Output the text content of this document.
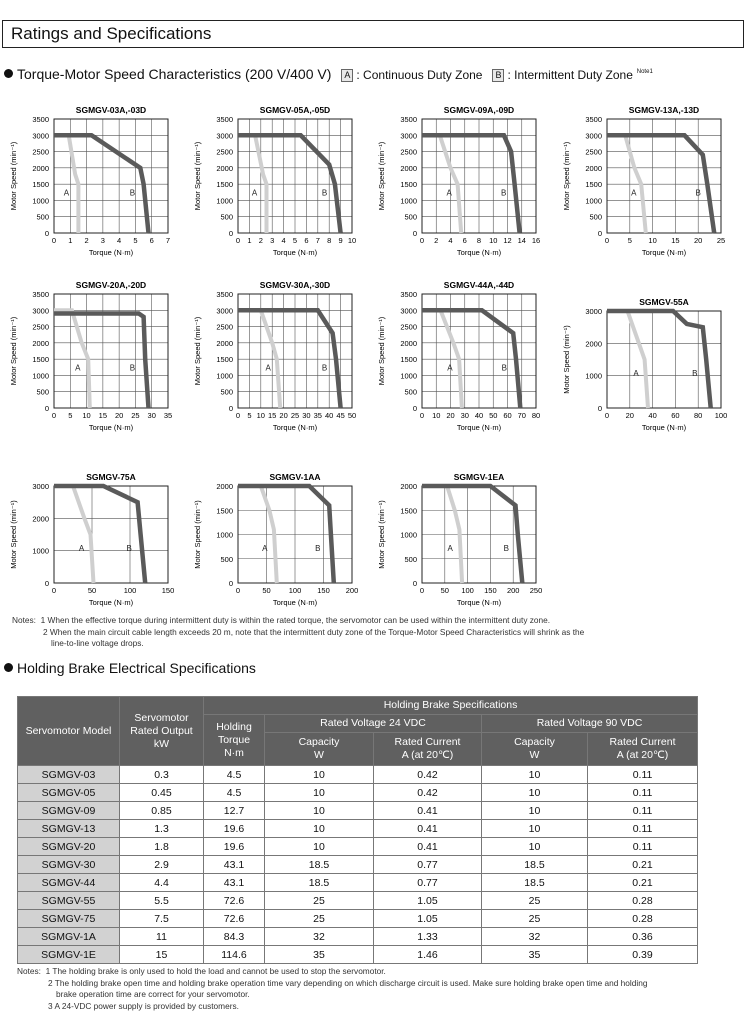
Ratings and Specifications
Torque-Motor Speed Characteristics (200 V/400 V) A : Continuous Duty Zone B : Intermittent Duty Zone $^{Note1}$
A	B
0 1 2 3 4 5 6 7
0
500
1000
1500
2000
2500
3000
3500
SGMGV-03A,-03D
Torque (N·m)
Motor Speed (min⁻¹)	A	B
0 1 2 3 4 5 6 7 8 9 10
0
500
1000
1500
2000
2500
3000
3500
SGMGV-05A,-05D
Torque (N·m)
Motor Speed (min⁻¹)	A	B
0 2 4 6 8 10 12 14 16
0
500
1000
1500
2000
2500
3000
3500
SGMGV-09A,-09D
Torque (N·m)
Motor Speed (min⁻¹)	A	B
0 5 10 15 20 25
0
500
1000
1500
2000
2500
3000
3500
SGMGV-13A,-13D
Torque (N·m)
Motor Speed (min⁻¹)
A	B
0 5 10 15 20 25 30 35
0
500
1000
1500
2000
2500
3000
3500
SGMGV-20A,-20D
Torque (N·m)
Motor Speed (min⁻¹)	A	B
0 5 10 15 20 25 30 35 40 45 50
0
500
1000
1500
2000
2500
3000
3500
SGMGV-30A,-30D
Torque (N·m)
Motor Speed (min⁻¹)	A	B
0 10 20 30 40 50 60 70 80
0
500
1000
1500
2000
2500
3000
3500
SGMGV-44A,-44D
Torque (N·m)
Motor Speed (min⁻¹)	A	B
0 20 40 60 80 100
0
1000
2000
3000
SGMGV-55A
Torque (N·m)
Motor Speed (min⁻¹)
A	B
0	50	100	150
0
1000
2000
3000
SGMGV-75A
Torque (N·m)
Motor Speed (min⁻¹)	A	B
0	50 100 150 200
0
500
1000
1500
2000
SGMGV-1AA
Torque (N·m)
Motor Speed (min⁻¹)	A	B
0 50 100 150 200 250
0
500
1000
1500
2000
SGMGV-1EA
Torque (N·m)
Motor Speed (min⁻¹)
Notes: 1 When the effective torque during intermittent duty is within the rated torque, the servomotor can be used within the intermittent duty zone.
2 When the main circuit cable length exceeds 20 m, note that the intermittent duty zone of the Torque-Motor Speed Characteristics will shrink as the
line-to-line voltage drops.
Holding Brake Electrical Specifications
Servomotor Model	Servomotor
Rated Output
kW	Holding Brake Specifications				
		Holding
Torque
N·m	Rated Voltage 24 VDC		Rated Voltage 90 VDC	
			Capacity
W	Rated Current
A (at 20℃)	Capacity
W	Rated Current
A (at 20℃)
SGMGV-03	0.3	4.5	10	0.42	10	0.11
SGMGV-05	0.45	4.5	10	0.42	10	0.11
SGMGV-09	0.85	12.7	10	0.41	10	0.11
SGMGV-13	1.3	19.6	10	0.41	10	0.11
SGMGV-20	1.8	19.6	10	0.41	10	0.11
SGMGV-30	2.9	43.1	18.5	0.77	18.5	0.21
SGMGV-44	4.4	43.1	18.5	0.77	18.5	0.21
SGMGV-55	5.5	72.6	25	1.05	25	0.28
SGMGV-75	7.5	72.6	25	1.05	25	0.28
SGMGV-1A	11	84.3	32	1.33	32	0.36
SGMGV-1E	15	114.6	35	1.46	35	0.39
Notes: 1 The holding brake is only used to hold the load and cannot be used to stop the servomotor.
2 The holding brake open time and holding brake operation time vary depending on which discharge circuit is used. Make sure holding brake open time and holding
brake operation time are correct for your servomotor.
3 A 24-VDC power supply is provided by customers.
